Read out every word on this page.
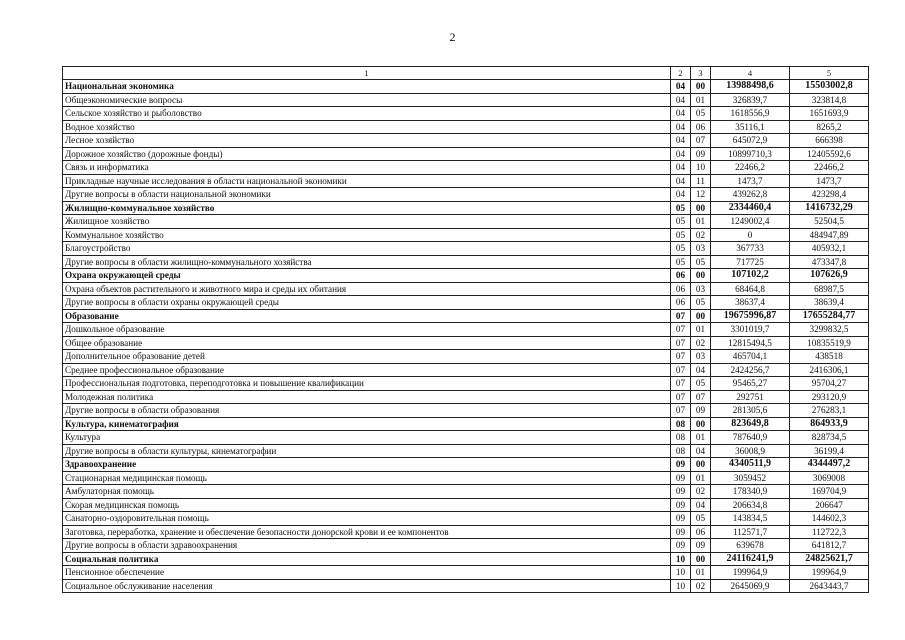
2
1	2	3	4	5
Национальная экономика	04	00	13988498,6	15503002,8
Общеэкономические вопросы	04	01	326839,7	323814,8
Сельское хозяйство и рыболовство	04	05	1618556,9	1651693,9
Водное хозяйство	04	06	35116,1	8265,2
Лесное хозяйство	04	07	645072,9	666398
Дорожное хозяйство (дорожные фонды)	04	09	10899710,3	12405592,6
Связь и информатика	04	10	22466,2	22466,2
Прикладные научные исследования в области национальной экономики	04	11	1473,7	1473,7
Другие вопросы в области национальной экономики	04	12	439262,8	423298,4
Жилищно-коммунальное хозяйство	05	00	2334460,4	1416732,29
Жилищное хозяйство	05	01	1249002,4	52504,5
Коммунальное хозяйство	05	02	0	484947,89
Благоустройство	05	03	367733	405932,1
Другие вопросы в области жилищно-коммунального хозяйства	05	05	717725	473347,8
Охрана окружающей среды	06	00	107102,2	107626,9
Охрана объектов растительного и животного мира и среды их обитания	06	03	68464,8	68987,5
Другие вопросы в области охраны окружающей среды	06	05	38637,4	38639,4
Образование	07	00	19675996,87	17655284,77
Дошкольное образование	07	01	3301019,7	3299832,5
Общее образование	07	02	12815494,5	10835519,9
Дополнительное образование детей	07	03	465704,1	438518
Среднее профессиональное образование	07	04	2424256,7	2416306,1
Профессиональная подготовка, переподготовка и повышение квалификации	07	05	95465,27	95704,27
Молодежная политика	07	07	292751	293120,9
Другие вопросы в области образования	07	09	281305,6	276283,1
Культура, кинематография	08	00	823649,8	864933,9
Культура	08	01	787640,9	828734,5
Другие вопросы в области культуры, кинематографии	08	04	36008,9	36199,4
Здравоохранение	09	00	4340511,9	4344497,2
Стационарная медицинская помощь	09	01	3059452	3069008
Амбулаторная помощь	09	02	178340,9	169704,9
Скорая медицинская помощь	09	04	206634,8	206647
Санаторно-оздоровительная помощь	09	05	143834,5	144602,3
Заготовка, переработка, хранение и обеспечение безопасности донорской крови и ее компонентов	09	06	112571,7	112722,3
Другие вопросы в области здравоохранения	09	09	639678	641812,7
Социальная политика	10	00	24116241,9	24825621,7
Пенсионное обеспечение	10	01	199964,9	199964,9
Социальное обслуживание населения	10	02	2645069,9	2643443,7
